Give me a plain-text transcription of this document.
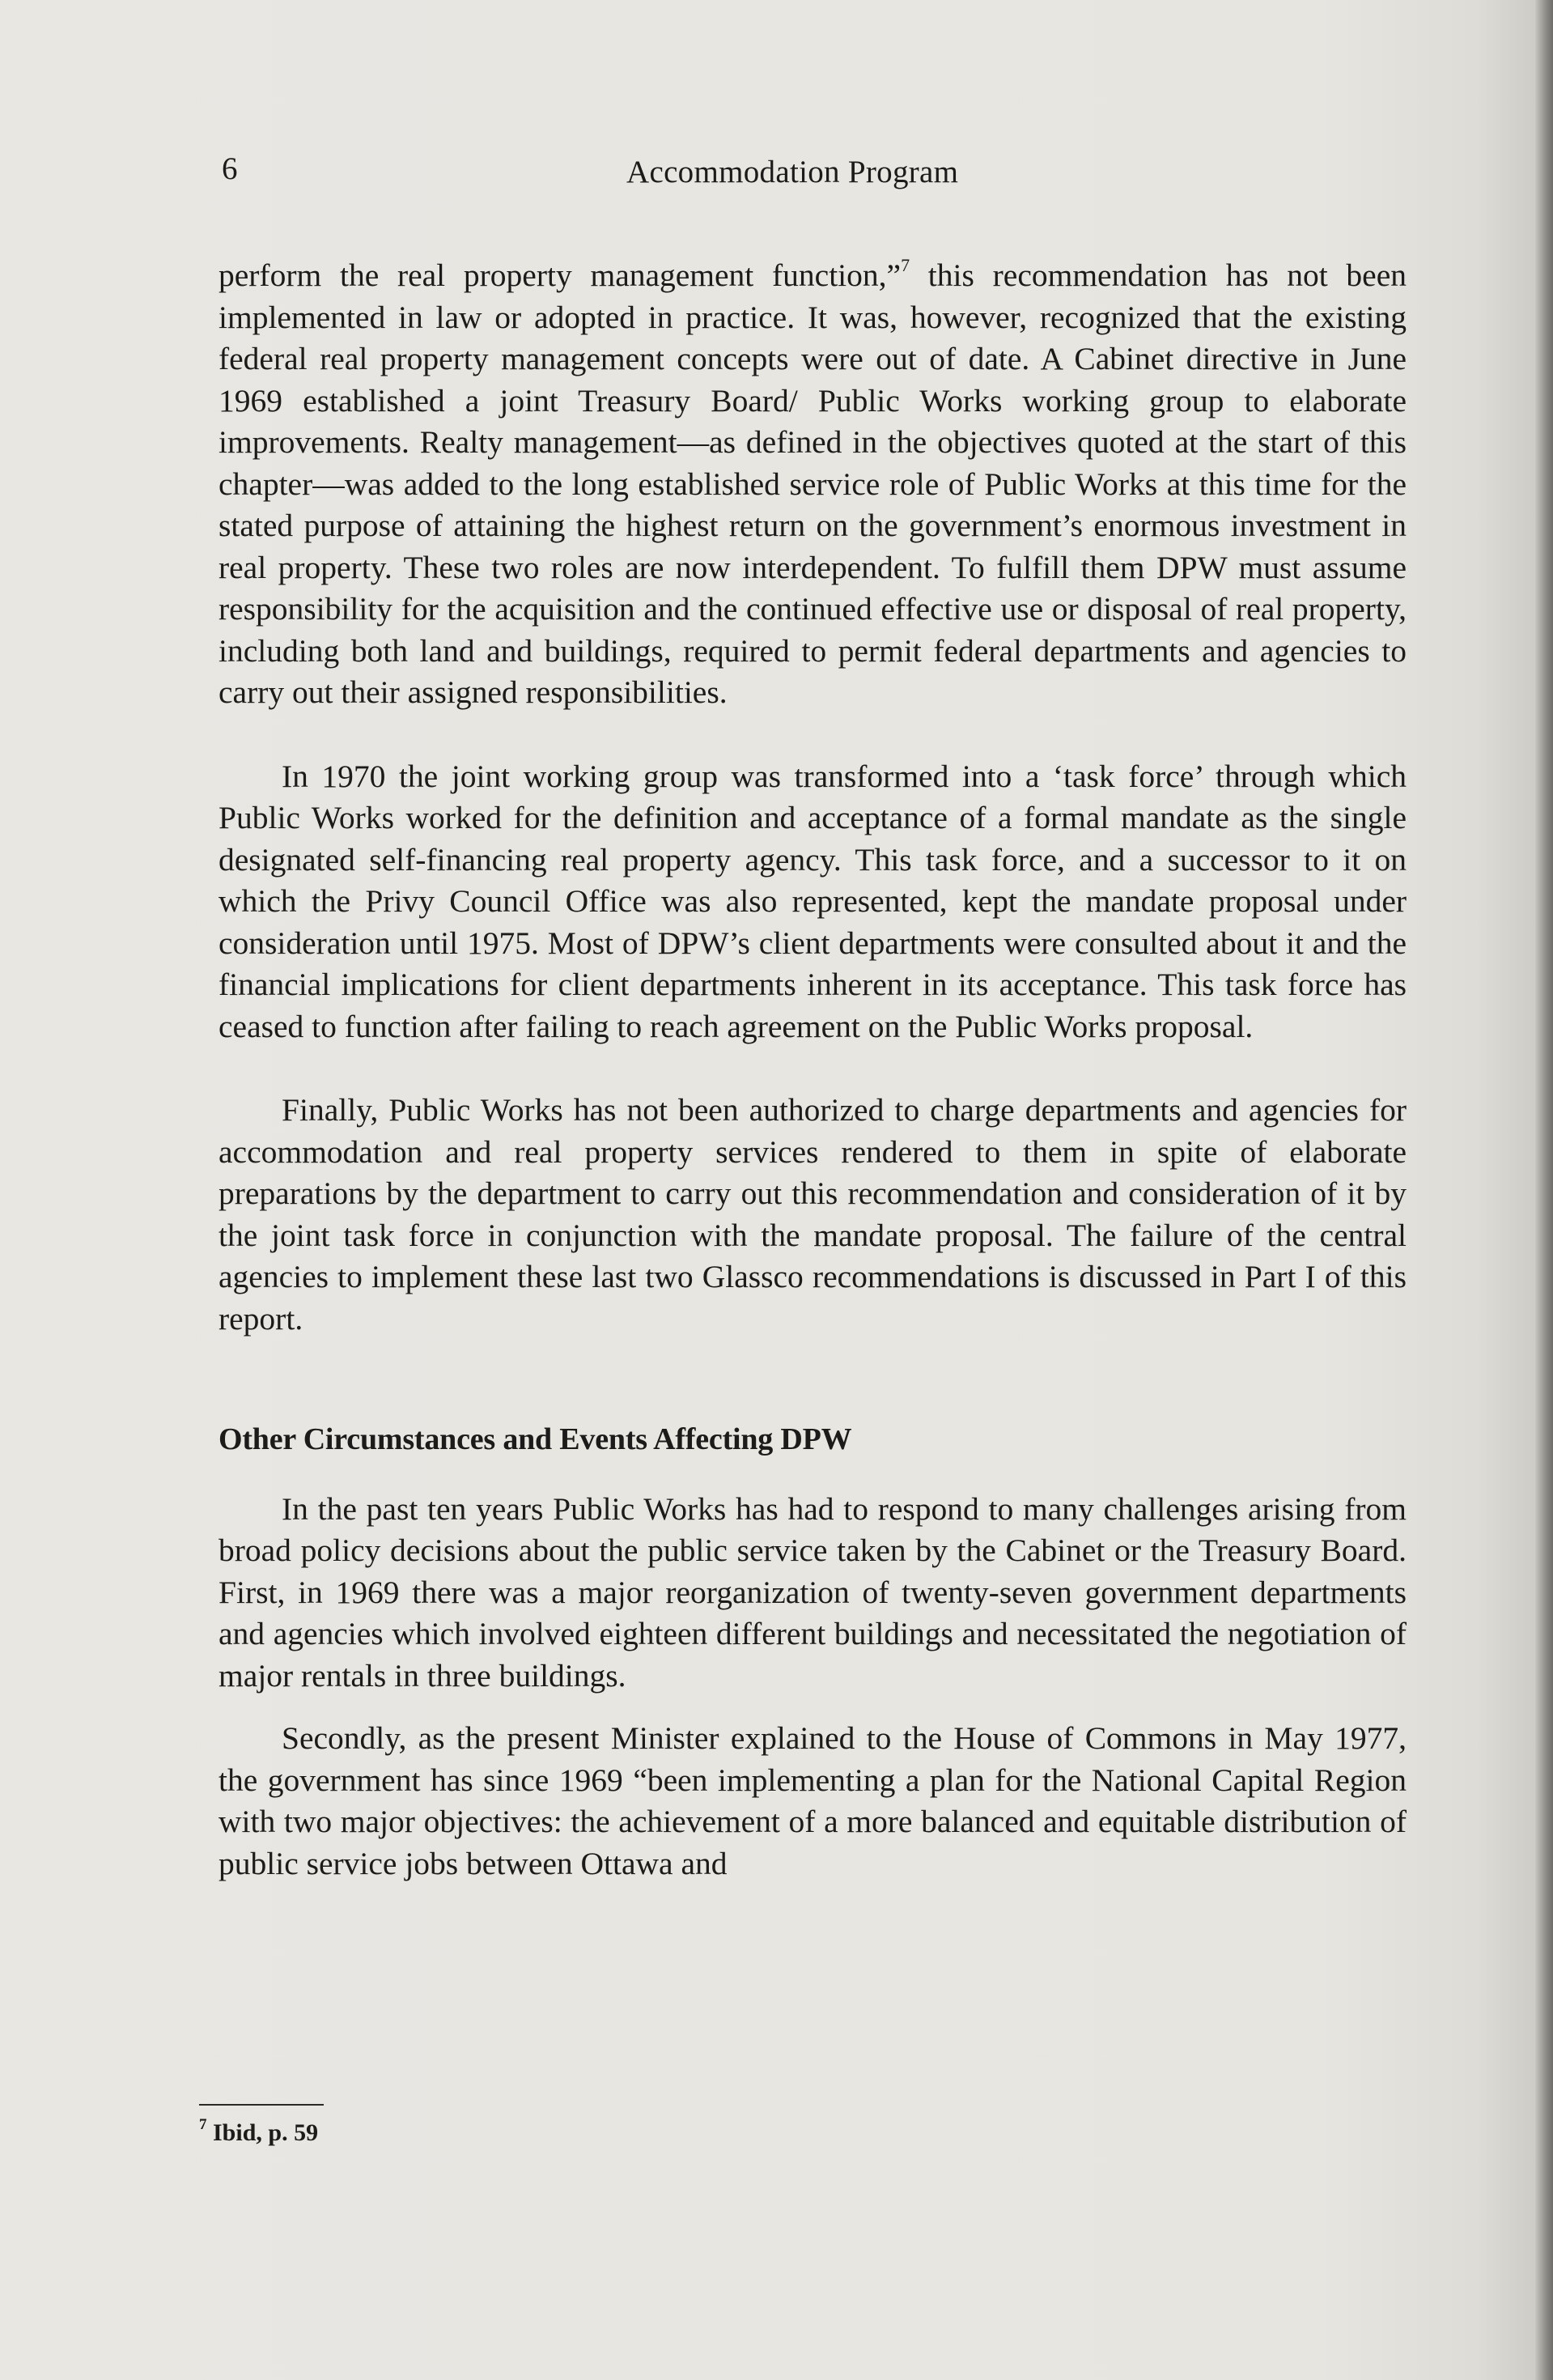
6	Accommodation Program

perform the real property management function,”$^7$ this recommendation has not been implemented in law or adopted in practice. It was, however, recognized that the existing federal real property management concepts were out of date. A Cabinet directive in June 1969 established a joint Treasury Board/ Public Works working group to elaborate improvements. Realty management—as defined in the objectives quoted at the start of this chapter—was added to the long established service role of Public Works at this time for the stated purpose of attaining the highest return on the government’s enormous investment in real property. These two roles are now interdependent. To fulfill them DPW must assume responsibility for the acquisition and the continued effective use or disposal of real property, including both land and buildings, required to permit federal departments and agencies to carry out their assigned responsibilities.

In 1970 the joint working group was transformed into a ‘task force’ through which Public Works worked for the definition and acceptance of a formal mandate as the single designated self-financing real property agency. This task force, and a successor to it on which the Privy Council Office was also represented, kept the mandate proposal under consideration until 1975. Most of DPW’s client departments were consulted about it and the financial implications for client departments inherent in its acceptance. This task force has ceased to function after failing to reach agreement on the Public Works proposal.

Finally, Public Works has not been authorized to charge departments and agencies for accommodation and real property services rendered to them in spite of elaborate preparations by the department to carry out this recommendation and consideration of it by the joint task force in conjunction with the mandate proposal. The failure of the central agencies to implement these last two Glassco recommendations is discussed in Part I of this report.

Other Circumstances and Events Affecting DPW

In the past ten years Public Works has had to respond to many challenges arising from broad policy decisions about the public service taken by the Cabinet or the Treasury Board. First, in 1969 there was a major reorganization of twenty-seven government departments and agencies which involved eighteen different buildings and necessitated the negotiation of major rentals in three buildings.

Secondly, as the present Minister explained to the House of Commons in May 1977, the government has since 1969 “been implementing a plan for the National Capital Region with two major objectives: the achievement of a more balanced and equitable distribution of public service jobs between Ottawa and

$^7$ Ibid, p. 59
